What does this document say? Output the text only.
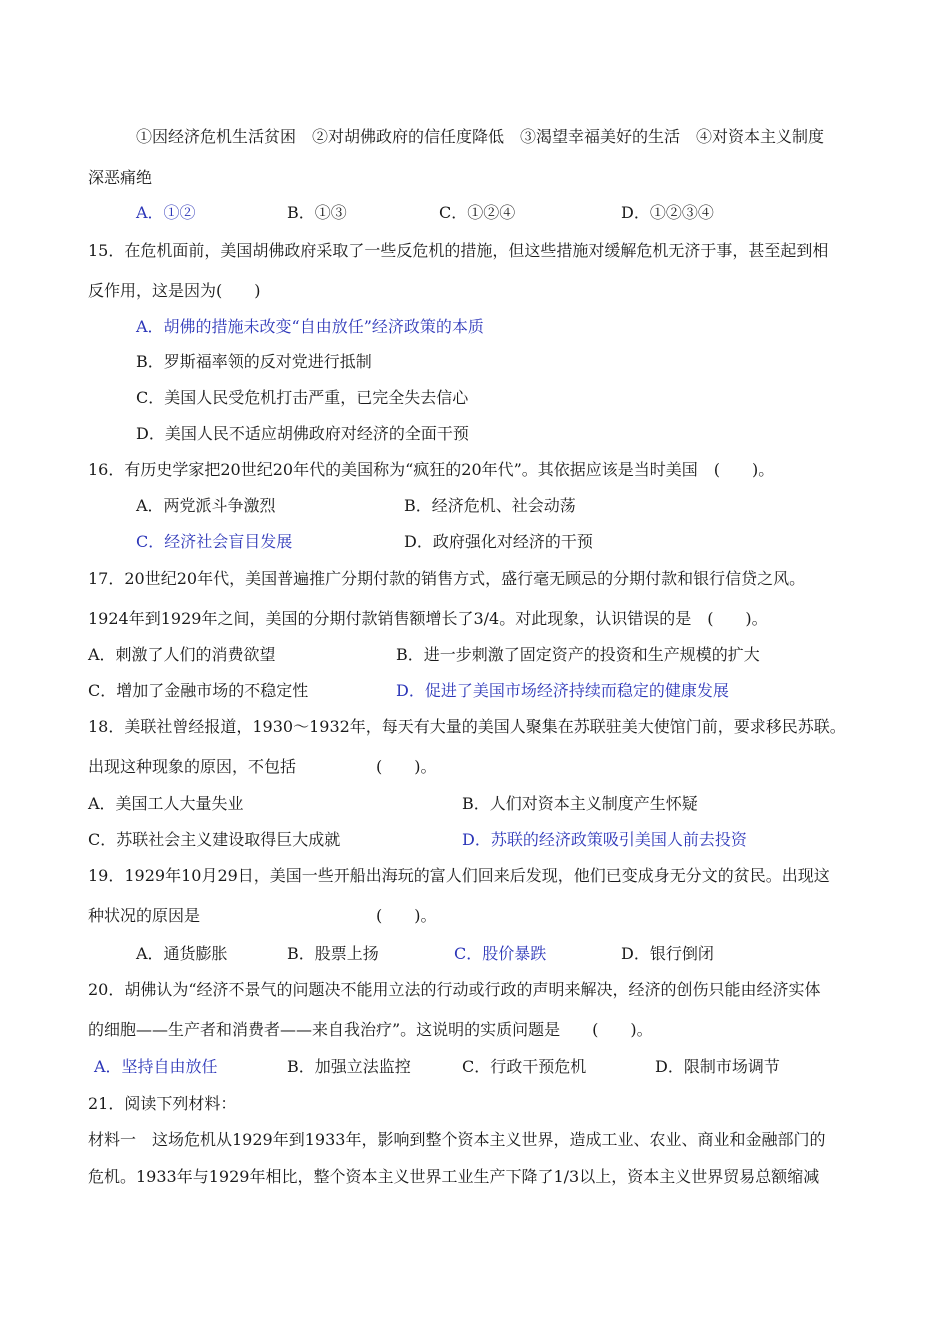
①因经济危机生活贫困　②对胡佛政府的信任度降低　③渴望幸福美好的生活　④对资本主义制度
深恶痛绝
A．①②	B．①③	C．①②④	D．①②③④
15．在危机面前，美国胡佛政府采取了一些反危机的措施，但这些措施对缓解危机无济于事，甚至起到相
反作用，这是因为(　　)
A．胡佛的措施未改变“自由放任”经济政策的本质
B．罗斯福率领的反对党进行抵制
C．美国人民受危机打击严重，已完全失去信心
D．美国人民不适应胡佛政府对经济的全面干预
16．有历史学家把20世纪20年代的美国称为“疯狂的20年代”。其依据应该是当时美国　(　　)。
A．两党派斗争激烈	B．经济危机、社会动荡
C．经济社会盲目发展	D．政府强化对经济的干预
17．20世纪20年代，美国普遍推广分期付款的销售方式，盛行毫无顾忌的分期付款和银行信贷之风。
1924年到1929年之间，美国的分期付款销售额增长了3/4。对此现象，认识错误的是　(　　)。
A．刺激了人们的消费欲望	B．进一步刺激了固定资产的投资和生产规模的扩大
C．增加了金融市场的不稳定性	D．促进了美国市场经济持续而稳定的健康发展
18．美联社曾经报道，1930～1932年，每天有大量的美国人聚集在苏联驻美大使馆门前，要求移民苏联。
出现这种现象的原因，不包括　　　　　(　　)。
A．美国工人大量失业	B．人们对资本主义制度产生怀疑
C．苏联社会主义建设取得巨大成就	D．苏联的经济政策吸引美国人前去投资
19．1929年10月29日，美国一些开船出海玩的富人们回来后发现，他们已变成身无分文的贫民。出现这
种状况的原因是　　　　　　　　　　　(　　)。
A．通货膨胀	B．股票上扬	C．股价暴跌	D．银行倒闭
20．胡佛认为“经济不景气的问题决不能用立法的行动或行政的声明来解决，经济的创伤只能由经济实体
的细胞——生产者和消费者——来自我治疗”。这说明的实质问题是　　(　　)。
A．坚持自由放任	B．加强立法监控	C．行政干预危机	D．限制市场调节
21．阅读下列材料：
材料一　这场危机从1929年到1933年，影响到整个资本主义世界，造成工业、农业、商业和金融部门的
危机。1933年与1929年相比，整个资本主义世界工业生产下降了1/3以上，资本主义世界贸易总额缩减
